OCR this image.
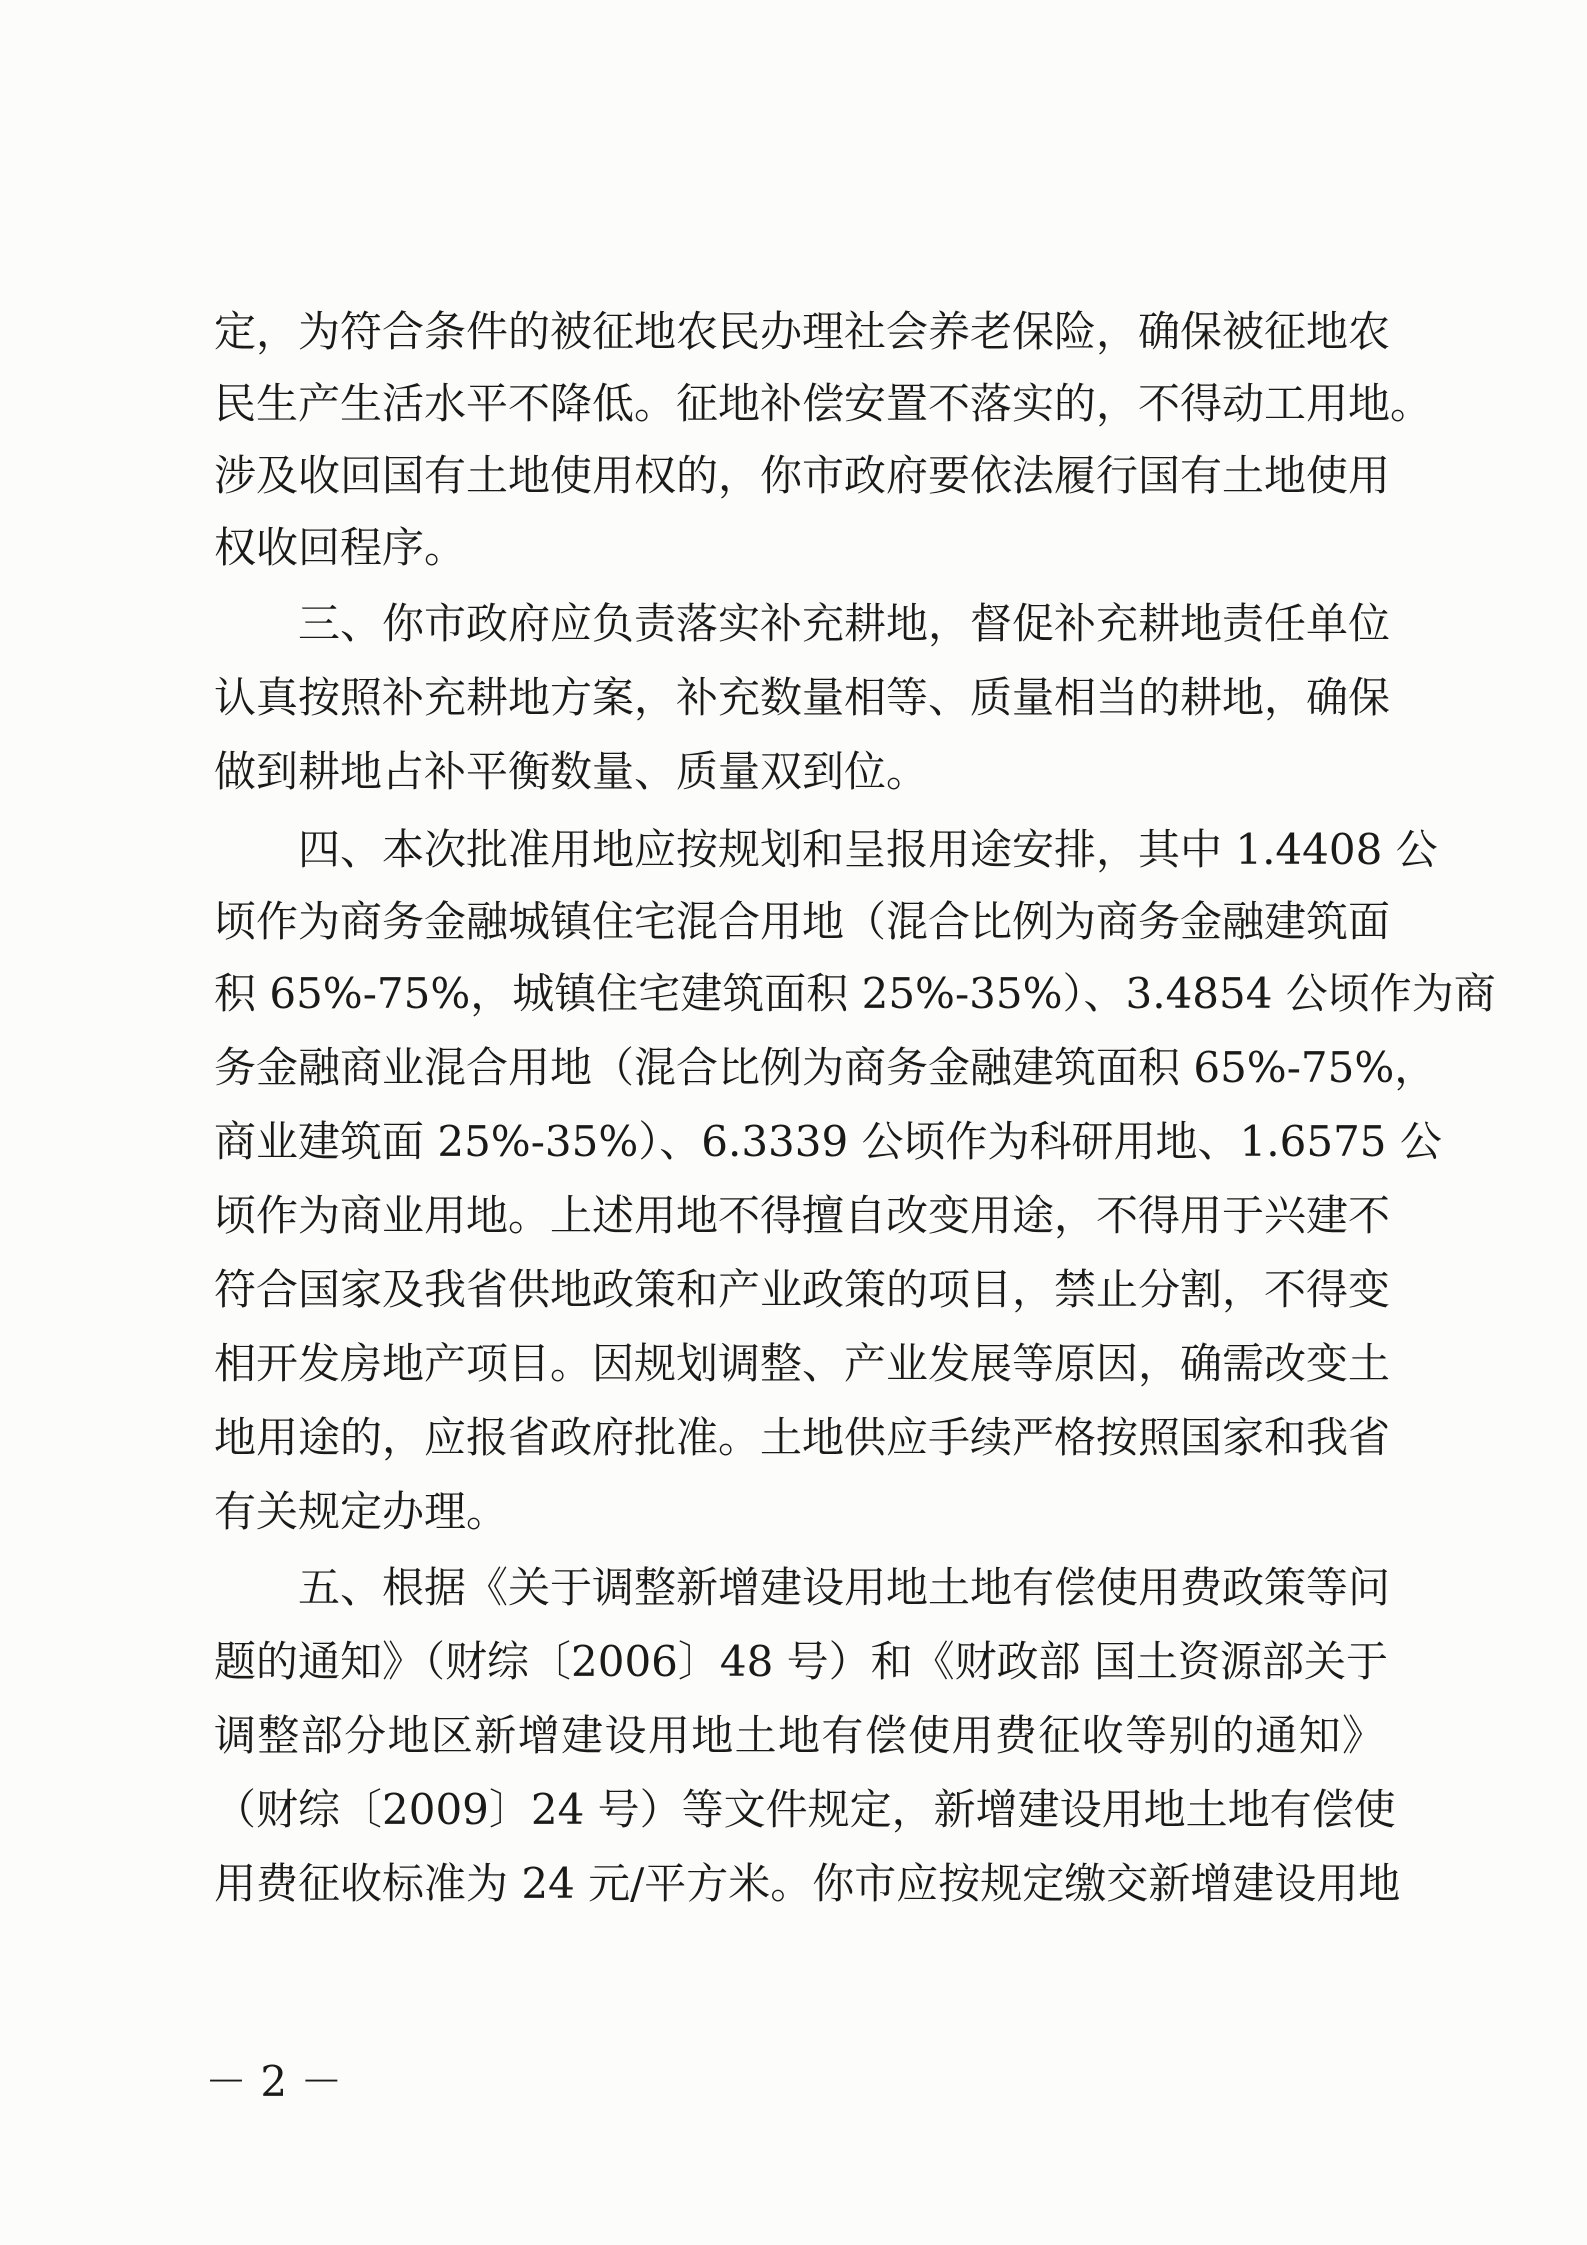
定，为符合条件的被征地农民办理社会养老保险，确保被征地农
民生产生活水平不降低。征地补偿安置不落实的，不得动工用地。
涉及收回国有土地使用权的，你市政府要依法履行国有土地使用
权收回程序。
三、你市政府应负责落实补充耕地，督促补充耕地责任单位
认真按照补充耕地方案，补充数量相等、质量相当的耕地，确保
做到耕地占补平衡数量、质量双到位。
四、本次批准用地应按规划和呈报用途安排，其中 1.4408 公
顷作为商务金融城镇住宅混合用地（混合比例为商务金融建筑面
积 65%-75%，城镇住宅建筑面积 25%-35%）、3.4854 公顷作为商
务金融商业混合用地（混合比例为商务金融建筑面积 65%-75%，
商业建筑面 25%-35%）、6.3339 公顷作为科研用地、1.6575 公
顷作为商业用地。上述用地不得擅自改变用途，不得用于兴建不
符合国家及我省供地政策和产业政策的项目，禁止分割，不得变
相开发房地产项目。因规划调整、产业发展等原因，确需改变土
地用途的，应报省政府批准。土地供应手续严格按照国家和我省
有关规定办理。
五、根据《关于调整新增建设用地土地有偿使用费政策等问
题的通知》（财综〔2006〕48 号）和《财政部 国土资源部关于
调整部分地区新增建设用地土地有偿使用费征收等别的通知》
（财综〔2009〕24 号）等文件规定，新增建设用地土地有偿使
用费征收标准为 24 元/平方米。你市应按规定缴交新增建设用地
－ 2 －
